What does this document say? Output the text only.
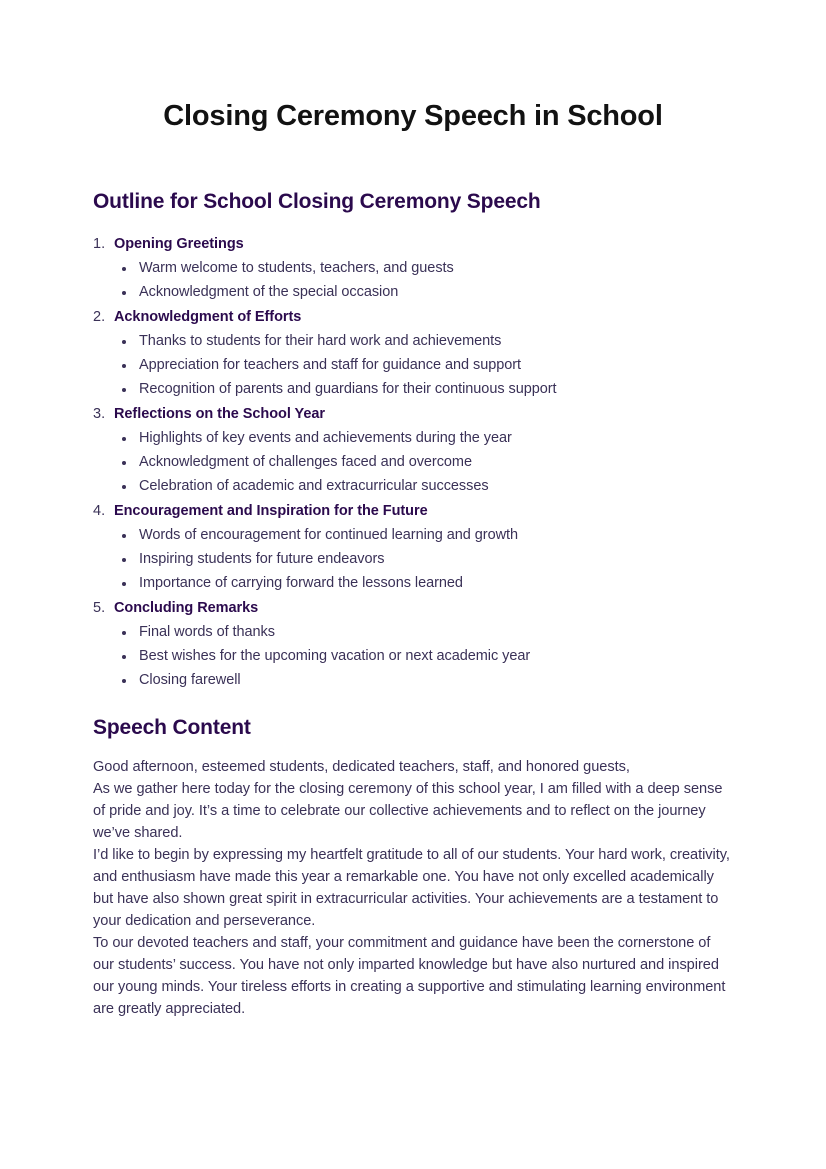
Closing Ceremony Speech in School
Outline for School Closing Ceremony Speech
Opening Greetings
Warm welcome to students, teachers, and guests
Acknowledgment of the special occasion
Acknowledgment of Efforts
Thanks to students for their hard work and achievements
Appreciation for teachers and staff for guidance and support
Recognition of parents and guardians for their continuous support
Reflections on the School Year
Highlights of key events and achievements during the year
Acknowledgment of challenges faced and overcome
Celebration of academic and extracurricular successes
Encouragement and Inspiration for the Future
Words of encouragement for continued learning and growth
Inspiring students for future endeavors
Importance of carrying forward the lessons learned
Concluding Remarks
Final words of thanks
Best wishes for the upcoming vacation or next academic year
Closing farewell
Speech Content

Good afternoon, esteemed students, dedicated teachers, staff, and honored guests,

As we gather here today for the closing ceremony of this school year, I am filled with a deep sense of pride and joy. It’s a time to celebrate our collective achievements and to reflect on the journey we’ve shared.

I’d like to begin by expressing my heartfelt gratitude to all of our students. Your hard work, creativity, and enthusiasm have made this year a remarkable one. You have not only excelled academically but have also shown great spirit in extracurricular activities. Your achievements are a testament to your dedication and perseverance.

To our devoted teachers and staff, your commitment and guidance have been the cornerstone of our students’ success. You have not only imparted knowledge but have also nurtured and inspired our young minds. Your tireless efforts in creating a supportive and stimulating learning environment are greatly appreciated.
